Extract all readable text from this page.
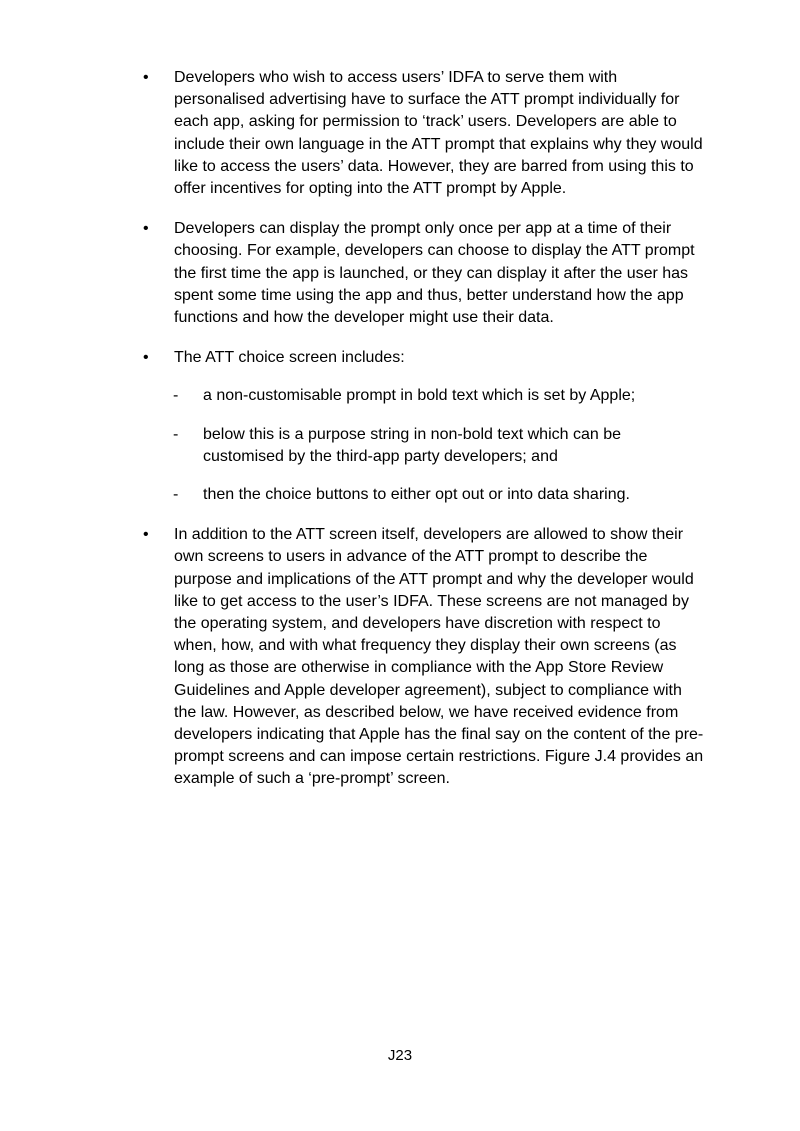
• Developers who wish to access users’ IDFA to serve them with personalised advertising have to surface the ATT prompt individually for each app, asking for permission to ‘track’ users. Developers are able to include their own language in the ATT prompt that explains why they would like to access the users’ data. However, they are barred from using this to offer incentives for opting into the ATT prompt by Apple.
• Developers can display the prompt only once per app at a time of their choosing. For example, developers can choose to display the ATT prompt the first time the app is launched, or they can display it after the user has spent some time using the app and thus, better understand how the app functions and how the developer might use their data.
• The ATT choice screen includes:
- a non-customisable prompt in bold text which is set by Apple;
- below this is a purpose string in non-bold text which can be customised by the third-app party developers; and
- then the choice buttons to either opt out or into data sharing.
• In addition to the ATT screen itself, developers are allowed to show their own screens to users in advance of the ATT prompt to describe the purpose and implications of the ATT prompt and why the developer would like to get access to the user’s IDFA. These screens are not managed by the operating system, and developers have discretion with respect to when, how, and with what frequency they display their own screens (as long as those are otherwise in compliance with the App Store Review Guidelines and Apple developer agreement), subject to compliance with the law. However, as described below, we have received evidence from developers indicating that Apple has the final say on the content of the pre-prompt screens and can impose certain restrictions. Figure J.4 provides an example of such a ‘pre-prompt’ screen.
J23
